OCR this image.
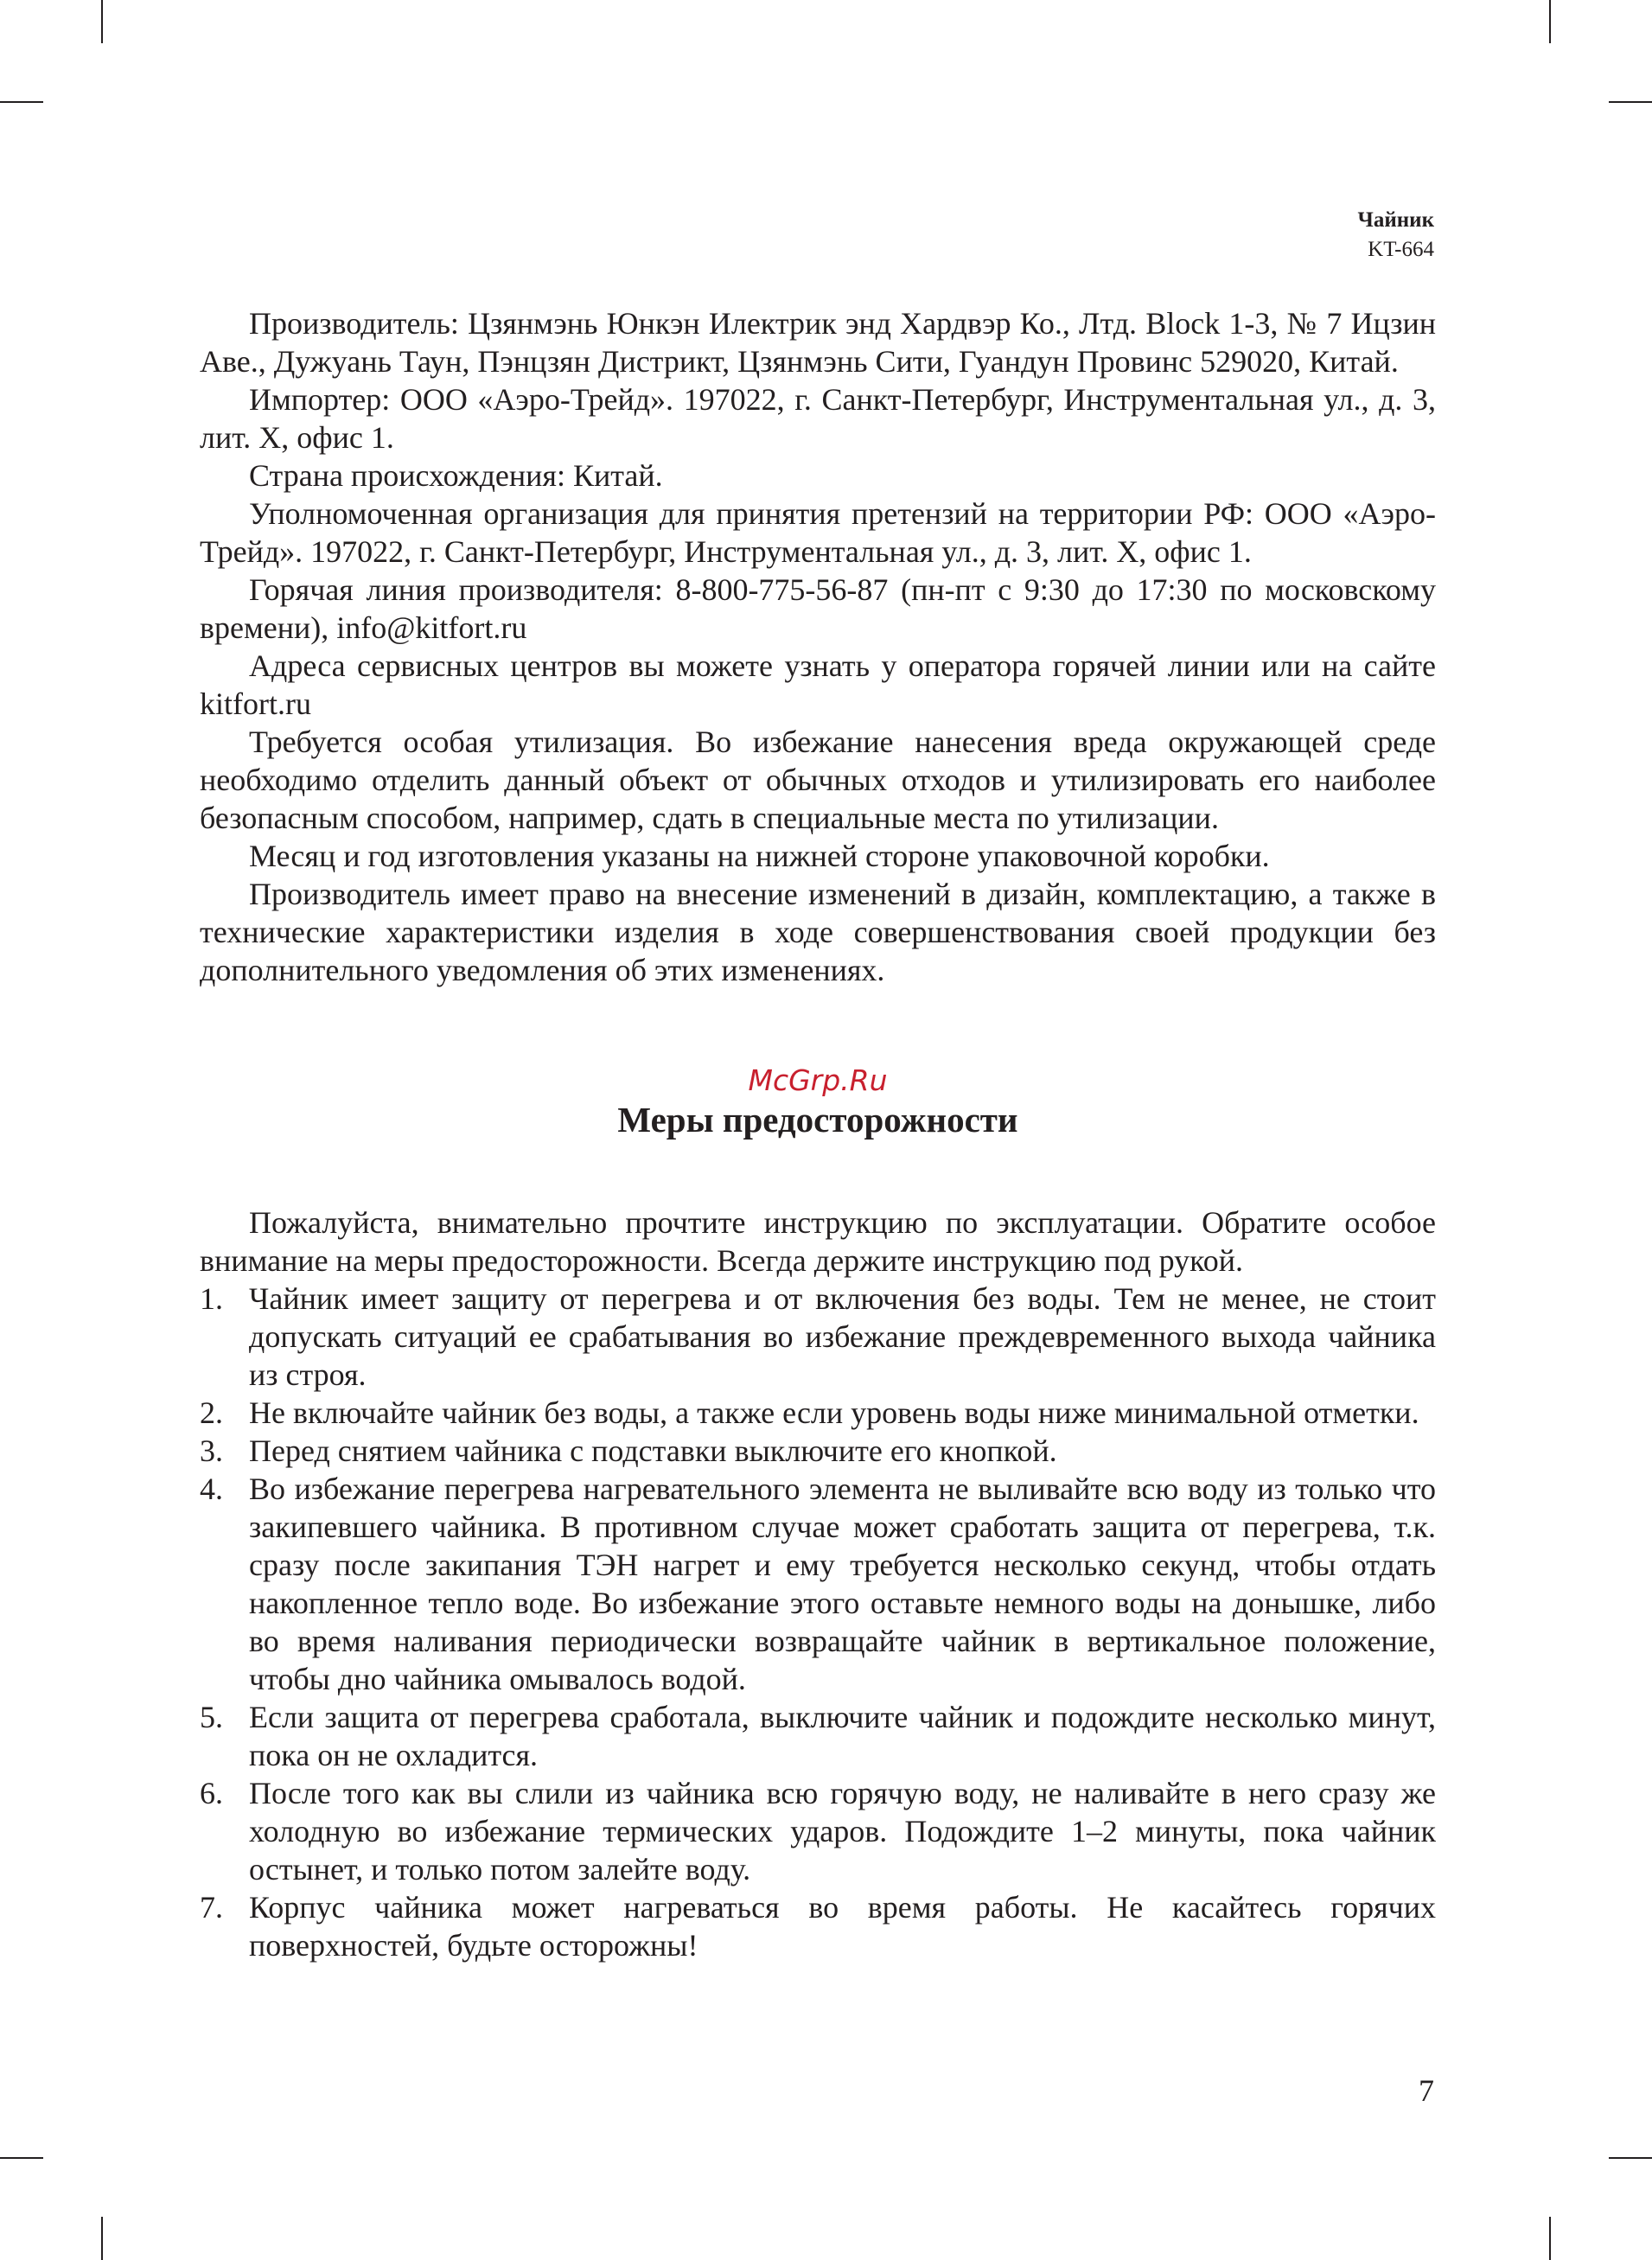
Чайник
KT-664

Производитель: Цзянмэнь Юнкэн Илектрик энд Хардвэр Ко., Лтд. Block 1-3, № 7 Ицзин Аве., Дужуань Таун, Пэнцзян Дистрикт, Цзянмэнь Сити, Гуандун Провинс 529020, Китай.

Импортер: ООО «Аэро-Трейд». 197022, г. Санкт-Петербург, Инструментальная ул., д. 3, лит. Х, офис 1.

Страна происхождения: Китай.

Уполномоченная организация для принятия претензий на территории РФ: ООО «Аэро-Трейд». 197022, г. Санкт-Петербург, Инструментальная ул., д. 3, лит. Х, офис 1.

Горячая линия производителя: 8-800-775-56-87 (пн-пт с 9:30 до 17:30 по московскому времени), info@kitfort.ru

Адреса сервисных центров вы можете узнать у оператора горячей линии или на сайте kitfort.ru

Требуется особая утилизация. Во избежание нанесения вреда окружающей среде необходимо отделить данный объект от обычных отходов и утилизировать его наиболее безопасным способом, например, сдать в специальные места по утилизации.

Месяц и год изготовления указаны на нижней стороне упаковочной коробки.

Производитель имеет право на внесение изменений в дизайн, комплектацию, а также в технические характеристики изделия в ходе совершенствования своей продукции без дополнительного уведомления об этих изменениях.

McGrp.Ru
Меры предосторожности

Пожалуйста, внимательно прочтите инструкцию по эксплуатации. Обратите особое внимание на меры предосторожности. Всегда держите инструкцию под рукой.

1. Чайник имеет защиту от перегрева и от включения без воды. Тем не менее, не стоит допускать ситуаций ее срабатывания во избежание преждевременного выхода чайника из строя.
2. Не включайте чайник без воды, а также если уровень воды ниже минимальной отметки.
3. Перед снятием чайника с подставки выключите его кнопкой.
4. Во избежание перегрева нагревательного элемента не выливайте всю воду из только что закипевшего чайника. В противном случае может сработать защита от перегрева, т.к. сразу после закипания ТЭН нагрет и ему требуется несколько секунд, чтобы отдать накопленное тепло воде. Во избежание этого оставьте немного воды на донышке, либо во время наливания периодически возвращайте чайник в вертикальное положение, чтобы дно чайника омывалось водой.
5. Если защита от перегрева сработала, выключите чайник и подождите несколько минут, пока он не охладится.
6. После того как вы слили из чайника всю горячую воду, не наливайте в него сразу же холодную во избежание термических ударов. Подождите 1–2 минуты, пока чайник остынет, и только потом залейте воду.
7. Корпус чайника может нагреваться во время работы. Не касайтесь горячих поверхностей, будьте осторожны!
7
